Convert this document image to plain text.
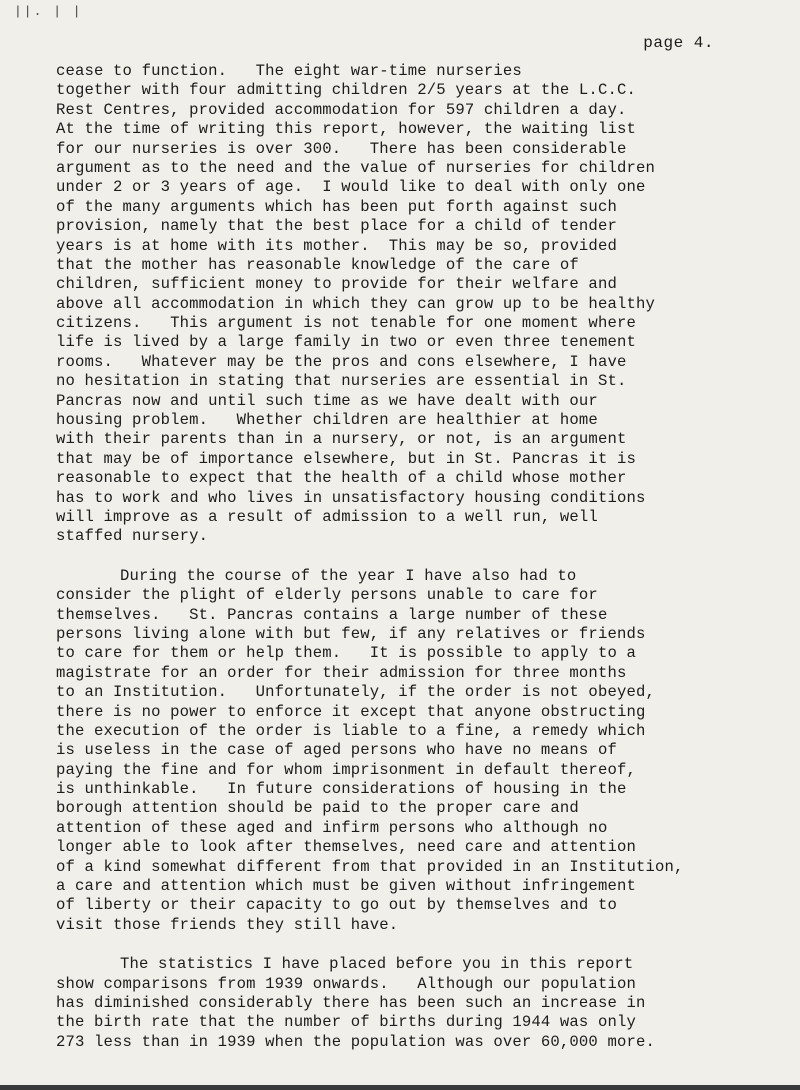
||. | |
page 4.
cease to function.   The eight war-time nurseries
together with four admitting children 2/5 years at the L.C.C.
Rest Centres, provided accommodation for 597 children a day.
At the time of writing this report, however, the waiting list
for our nurseries is over 300.   There has been considerable
argument as to the need and the value of nurseries for children
under 2 or 3 years of age.  I would like to deal with only one
of the many arguments which has been put forth against such
provision, namely that the best place for a child of tender
years is at home with its mother.  This may be so, provided
that the mother has reasonable knowledge of the care of
children, sufficient money to provide for their welfare and
above all accommodation in which they can grow up to be healthy
citizens.   This argument is not tenable for one moment where
life is lived by a large family in two or even three tenement
rooms.   Whatever may be the pros and cons elsewhere, I have
no hesitation in stating that nurseries are essential in St.
Pancras now and until such time as we have dealt with our
housing problem.   Whether children are healthier at home
with their parents than in a nursery, or not, is an argument
that may be of importance elsewhere, but in St. Pancras it is
reasonable to expect that the health of a child whose mother
has to work and who lives in unsatisfactory housing conditions
will improve as a result of admission to a well run, well
staffed nursery.
During the course of the year I have also had to
consider the plight of elderly persons unable to care for
themselves.   St. Pancras contains a large number of these
persons living alone with but few, if any relatives or friends
to care for them or help them.   It is possible to apply to a
magistrate for an order for their admission for three months
to an Institution.   Unfortunately, if the order is not obeyed,
there is no power to enforce it except that anyone obstructing
the execution of the order is liable to a fine, a remedy which
is useless in the case of aged persons who have no means of
paying the fine and for whom imprisonment in default thereof,
is unthinkable.   In future considerations of housing in the
borough attention should be paid to the proper care and
attention of these aged and infirm persons who although no
longer able to look after themselves, need care and attention
of a kind somewhat different from that provided in an Institution,
a care and attention which must be given without infringement
of liberty or their capacity to go out by themselves and to
visit those friends they still have.
The statistics I have placed before you in this report
show comparisons from 1939 onwards.   Although our population
has diminished considerably there has been such an increase in
the birth rate that the number of births during 1944 was only
273 less than in 1939 when the population was over 60,000 more.
